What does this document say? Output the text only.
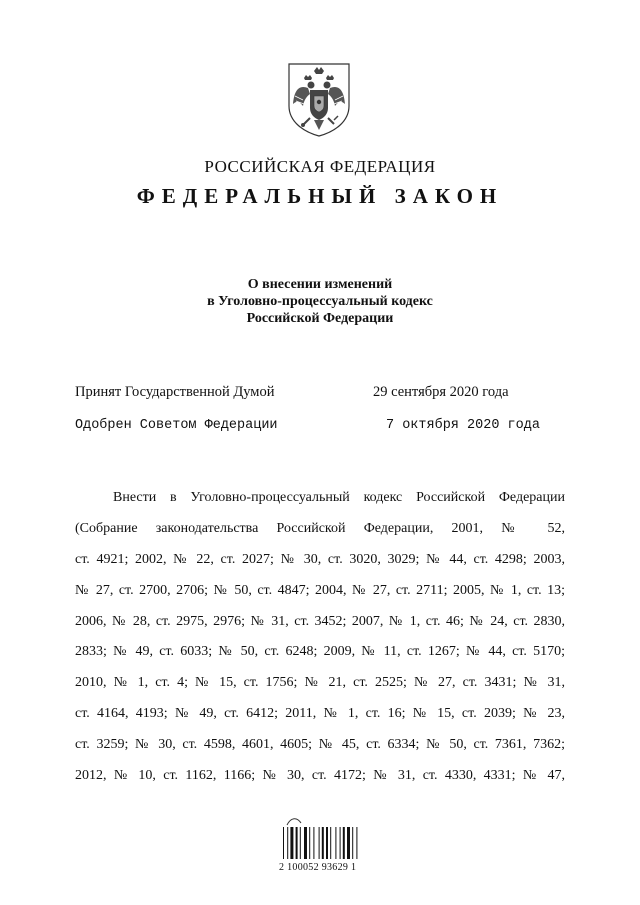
РОССИЙСКАЯ ФЕДЕРАЦИЯ
ФЕДЕРАЛЬНЫЙ ЗАКОН
О внесении изменений
в Уголовно-процессуальный кодекс
Российской Федерации
Принят Государственной Думой	29 сентября 2020 года
Одобрен Советом Федерации	7 октября 2020 года
Внести в Уголовно-процессуальный кодекс Российской Федерации
(Собрание законодательства Российской Федерации, 2001, № 52,
ст. 4921; 2002, № 22, ст. 2027; № 30, ст. 3020, 3029; № 44, ст. 4298; 2003,
№ 27, ст. 2700, 2706; № 50, ст. 4847; 2004, № 27, ст. 2711; 2005, № 1, ст. 13;
2006, № 28, ст. 2975, 2976; № 31, ст. 3452; 2007, № 1, ст. 46; № 24, ст. 2830,
2833; № 49, ст. 6033; № 50, ст. 6248; 2009, № 11, ст. 1267; № 44, ст. 5170;
2010, № 1, ст. 4; № 15, ст. 1756; № 21, ст. 2525; № 27, ст. 3431; № 31,
ст. 4164, 4193; № 49, ст. 6412; 2011, № 1, ст. 16; № 15, ст. 2039; № 23,
ст. 3259; № 30, ст. 4598, 4601, 4605; № 45, ст. 6334; № 50, ст. 7361, 7362;
2012, № 10, ст. 1162, 1166; № 30, ст. 4172; № 31, ст. 4330, 4331; № 47,
2 100052 93629 1
